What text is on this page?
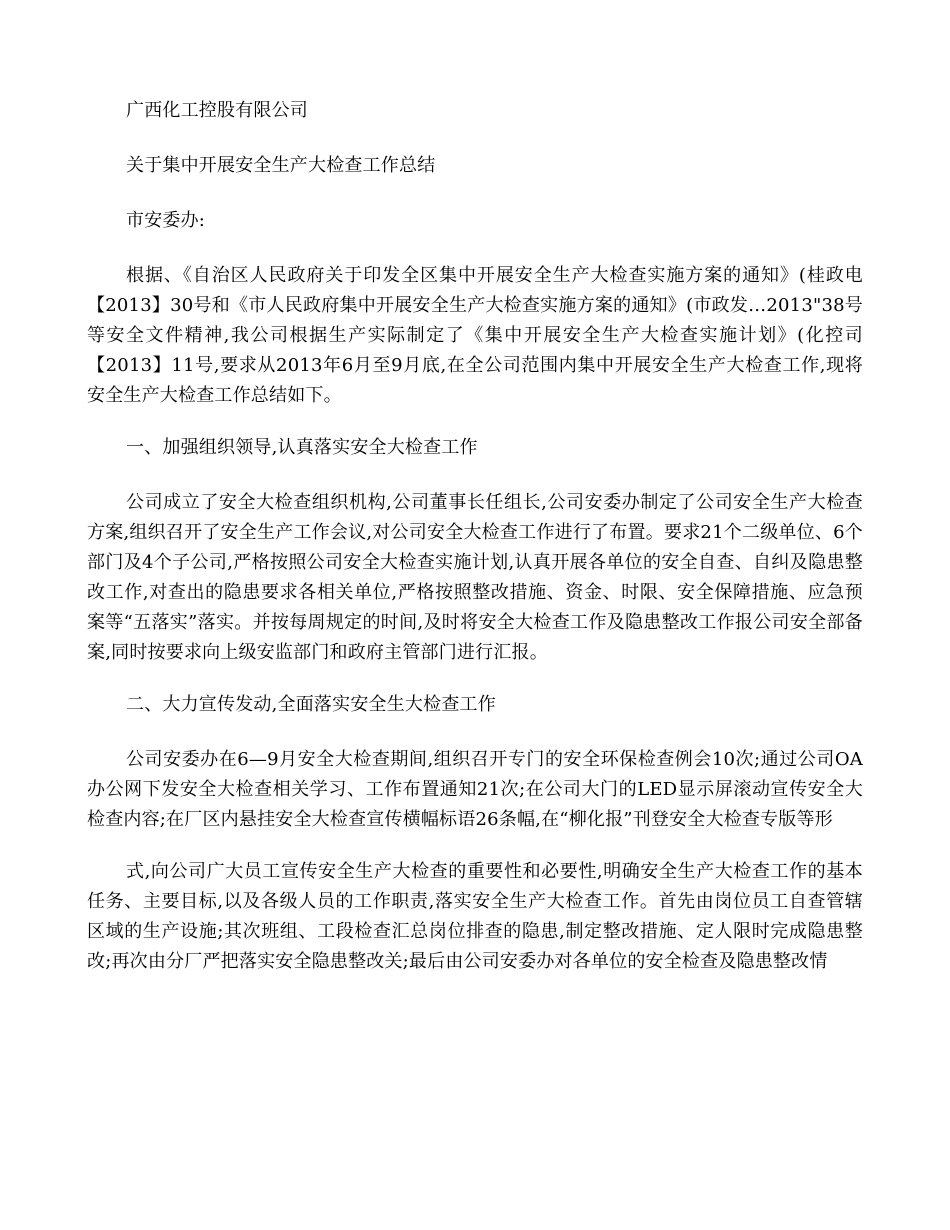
广西化工控股有限公司

关于集中开展安全生产大检查工作总结

市安委办:

根据、《自治区人民政府关于印发全区集中开展安全生产大检查实施方案的通知》(桂政电【2013】30号和《市人民政府集中开展安全生产大检查实施方案的通知》(市政发…2013"38号等安全文件精神,我公司根据生产实际制定了《集中开展安全生产大检查实施计划》(化控司【2013】11号,要求从2013年6月至9月底,在全公司范围内集中开展安全生产大检查工作,现将安全生产大检查工作总结如下。

一、加强组织领导,认真落实安全大检查工作

公司成立了安全大检查组织机构,公司董事长任组长,公司安委办制定了公司安全生产大检查方案,组织召开了安全生产工作会议,对公司安全大检查工作进行了布置。要求21个二级单位、6个部门及4个子公司,严格按照公司安全大检查实施计划,认真开展各单位的安全自查、自纠及隐患整改工作,对查出的隐患要求各相关单位,严格按照整改措施、资金、时限、安全保障措施、应急预案等“五落实”落实。并按每周规定的时间,及时将安全大检查工作及隐患整改工作报公司安全部备案,同时按要求向上级安监部门和政府主管部门进行汇报。

二、大力宣传发动,全面落实安全生大检查工作

公司安委办在6—9月安全大检查期间,组织召开专门的安全环保检查例会10次;通过公司OA办公网下发安全大检查相关学习、工作布置通知21次;在公司大门的LED显示屏滚动宣传安全大检查内容;在厂区内悬挂安全大检查宣传横幅标语26条幅,在“柳化报”刊登安全大检查专版等形

式,向公司广大员工宣传安全生产大检查的重要性和必要性,明确安全生产大检查工作的基本任务、主要目标,以及各级人员的工作职责,落实安全生产大检查工作。首先由岗位员工自查管辖区域的生产设施;其次班组、工段检查汇总岗位排查的隐患,制定整改措施、定人限时完成隐患整改;再次由分厂严把落实安全隐患整改关;最后由公司安委办对各单位的安全检查及隐患整改情
